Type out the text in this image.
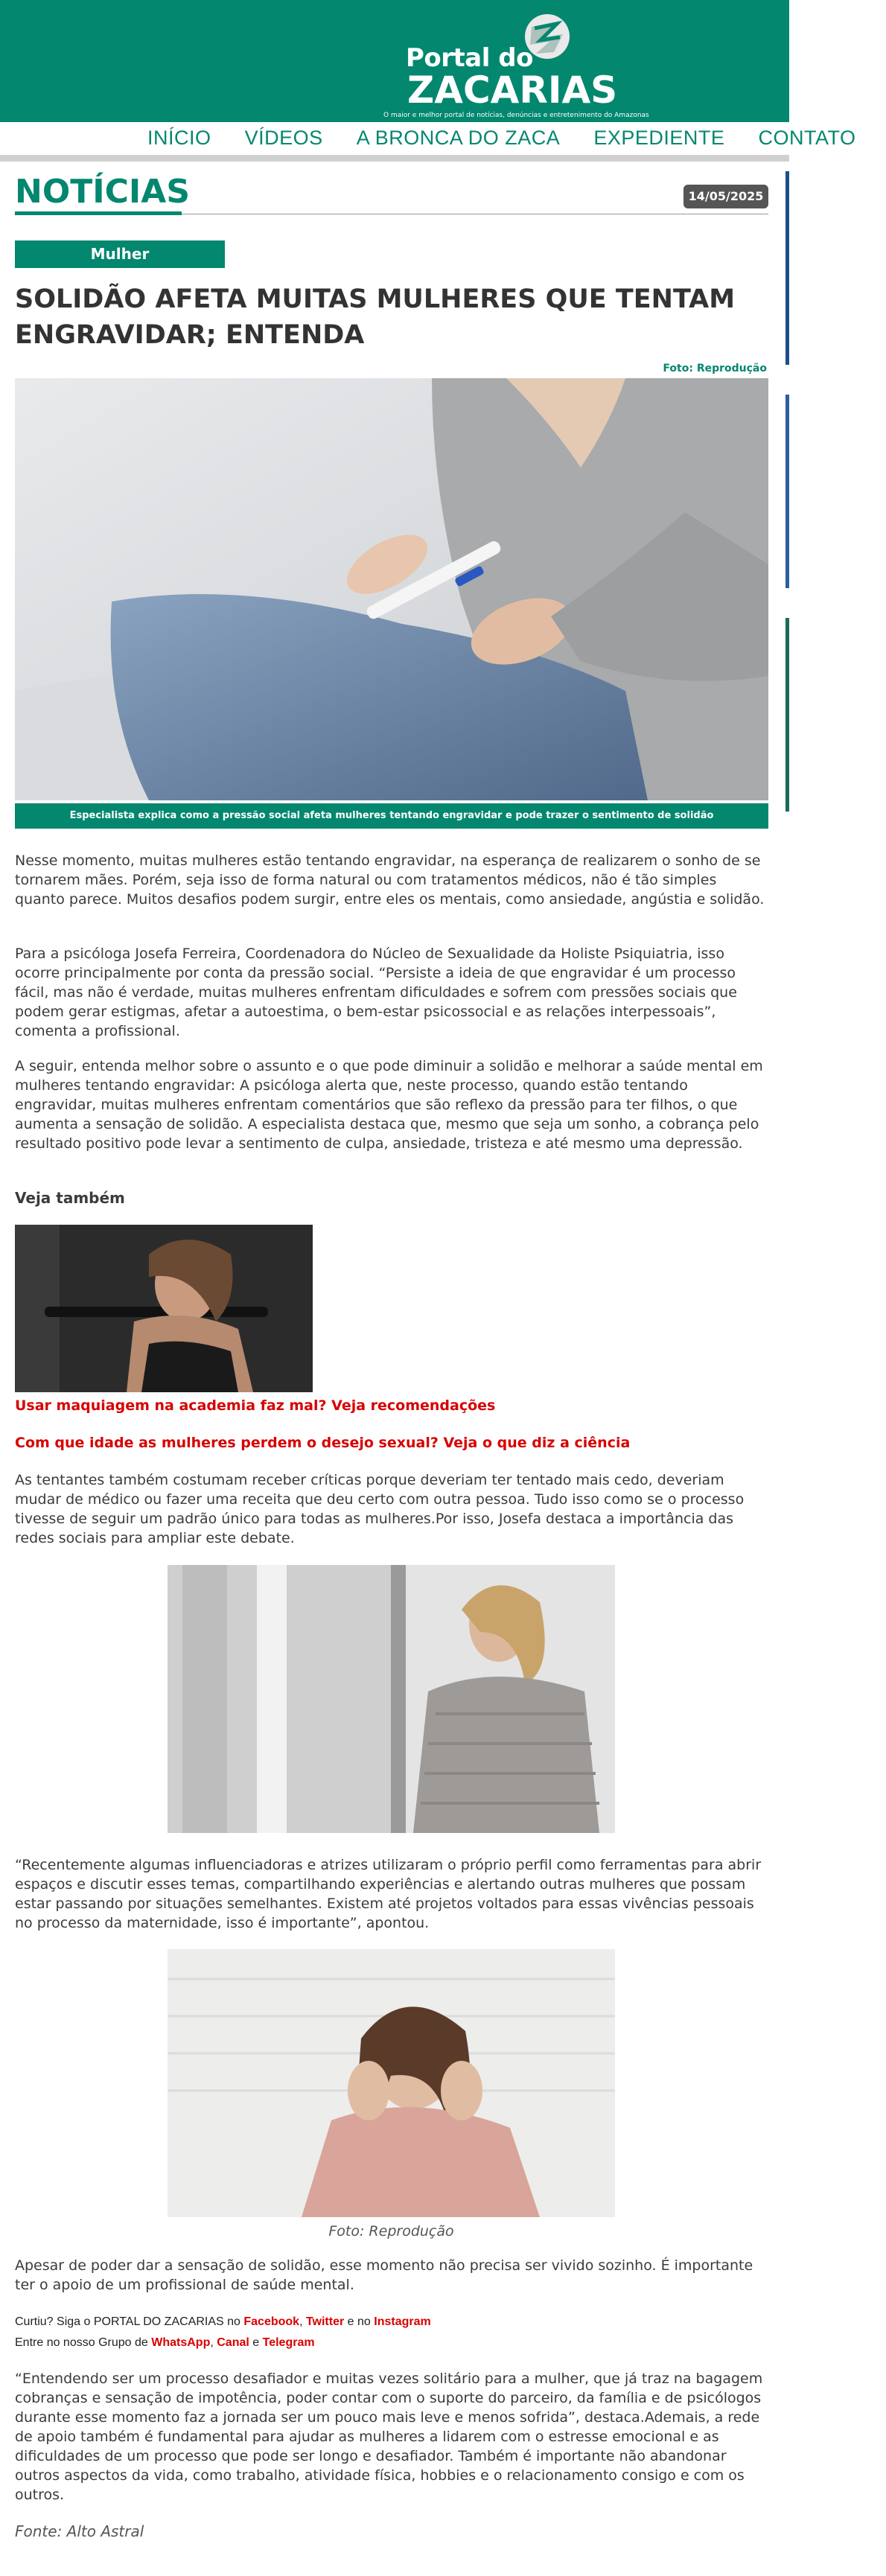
Portal do
ZACARIAS
O maior e melhor portal de notícias, denúncias e entretenimento do Amazonas
INÍCIO VÍDEOS A BRONCA DO ZACA EXPEDIENTE CONTATO
NOTÍCIAS	14/05/2025
Mulher
SOLIDÃO AFETA MUITAS MULHERES QUE TENTAM
ENGRAVIDAR; ENTENDA
Foto: Reprodução
Especialista explica como a pressão social afeta mulheres tentando engravidar e pode trazer o sentimento de solidão
Nesse momento, muitas mulheres estão tentando engravidar, na esperança de realizarem o sonho de se tornarem mães. Porém, seja isso de forma natural ou com tratamentos médicos, não é tão simples quanto parece. Muitos desafios podem surgir, entre eles os mentais, como ansiedade, angústia e solidão.
Para a psicóloga Josefa Ferreira, Coordenadora do Núcleo de Sexualidade da Holiste Psiquiatria, isso ocorre principalmente por conta da pressão social. “Persiste a ideia de que engravidar é um processo fácil, mas não é verdade, muitas mulheres enfrentam dificuldades e sofrem com pressões sociais que podem gerar estigmas, afetar a autoestima, o bem-estar psicossocial e as relações interpessoais”, comenta a profissional.
A seguir, entenda melhor sobre o assunto e o que pode diminuir a solidão e melhorar a saúde mental em mulheres tentando engravidar: A psicóloga alerta que, neste processo, quando estão tentando engravidar, muitas mulheres enfrentam comentários que são reflexo da pressão para ter filhos, o que aumenta a sensação de solidão. A especialista destaca que, mesmo que seja um sonho, a cobrança pelo resultado positivo pode levar a sentimento de culpa, ansiedade, tristeza e até mesmo uma depressão.
Veja também
Usar maquiagem na academia faz mal? Veja recomendações
Com que idade as mulheres perdem o desejo sexual? Veja o que diz a ciência
As tentantes também costumam receber críticas porque deveriam ter tentado mais cedo, deveriam mudar de médico ou fazer uma receita que deu certo com outra pessoa. Tudo isso como se o processo tivesse de seguir um padrão único para todas as mulheres.Por isso, Josefa destaca a importância das redes sociais para ampliar este debate.
“Recentemente algumas influenciadoras e atrizes utilizaram o próprio perfil como ferramentas para abrir espaços e discutir esses temas, compartilhando experiências e alertando outras mulheres que possam estar passando por situações semelhantes. Existem até projetos voltados para essas vivências pessoais no processo da maternidade, isso é importante”, apontou.
Foto: Reprodução
Apesar de poder dar a sensação de solidão, esse momento não precisa ser vivido sozinho. É importante ter o apoio de um profissional de saúde mental.
Curtiu? Siga o PORTAL DO ZACARIAS no Facebook, Twitter e no Instagram
Entre no nosso Grupo de WhatsApp, Canal e Telegram
“Entendendo ser um processo desafiador e muitas vezes solitário para a mulher, que já traz na bagagem cobranças e sensação de impotência, poder contar com o suporte do parceiro, da família e de psicólogos durante esse momento faz a jornada ser um pouco mais leve e menos sofrida”, destaca.Ademais, a rede de apoio também é fundamental para ajudar as mulheres a lidarem com o estresse emocional e as dificuldades de um processo que pode ser longo e desafiador. Também é importante não abandonar outros aspectos da vida, como trabalho, atividade física, hobbies e o relacionamento consigo e com os outros.
Fonte: Alto Astral
